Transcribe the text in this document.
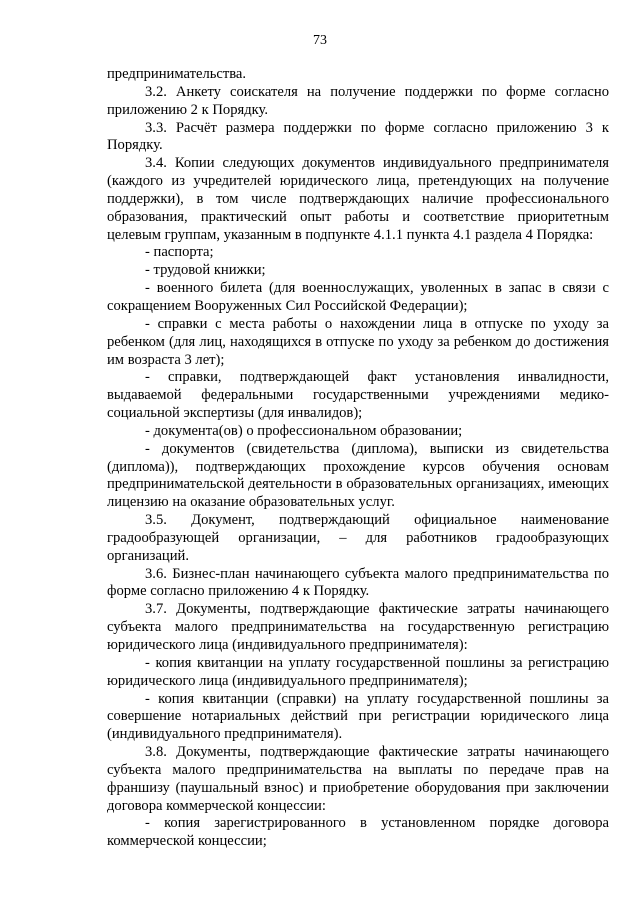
73

предпринимательства.

3.2. Анкету соискателя на получение поддержки по форме согласно приложению 2 к Порядку.

3.3. Расчёт размера поддержки по форме согласно приложению 3 к Порядку.

3.4. Копии следующих документов индивидуального предпринимателя (каждого из учредителей юридического лица, претендующих на получение поддержки), в том числе подтверждающих наличие профессионального образования, практический опыт работы и соответствие приоритетным целевым группам, указанным в подпункте 4.1.1 пункта 4.1 раздела 4 Порядка:

- паспорта;

- трудовой книжки;

- военного билета (для военнослужащих, уволенных в запас в связи с сокращением Вооруженных Сил Российской Федерации);

- справки с места работы о нахождении лица в отпуске по уходу за ребенком (для лиц, находящихся в отпуске по уходу за ребенком до достижения им возраста 3 лет);

- справки, подтверждающей факт установления инвалидности, выдаваемой федеральными государственными учреждениями медико-социальной экспертизы (для инвалидов);

- документа(ов) о профессиональном образовании;

- документов (свидетельства (диплома), выписки из свидетельства (диплома)), подтверждающих прохождение курсов обучения основам предпринимательской деятельности в образовательных организациях, имеющих лицензию на оказание образовательных услуг.

3.5. Документ, подтверждающий официальное наименование градообразующей организации, – для работников градообразующих организаций.

3.6. Бизнес-план начинающего субъекта малого предпринимательства по форме согласно приложению 4 к Порядку.

3.7. Документы, подтверждающие фактические затраты начинающего субъекта малого предпринимательства на государственную регистрацию юридического лица (индивидуального предпринимателя):

- копия квитанции на уплату государственной пошлины за регистрацию юридического лица (индивидуального предпринимателя);

- копия квитанции (справки) на уплату государственной пошлины за совершение нотариальных действий при регистрации юридического лица (индивидуального предпринимателя).

3.8. Документы, подтверждающие фактические затраты начинающего субъекта малого предпринимательства на выплаты по передаче прав на франшизу (паушальный взнос) и приобретение оборудования при заключении договора коммерческой концессии:

- копия зарегистрированного в установленном порядке договора коммерческой концессии;
